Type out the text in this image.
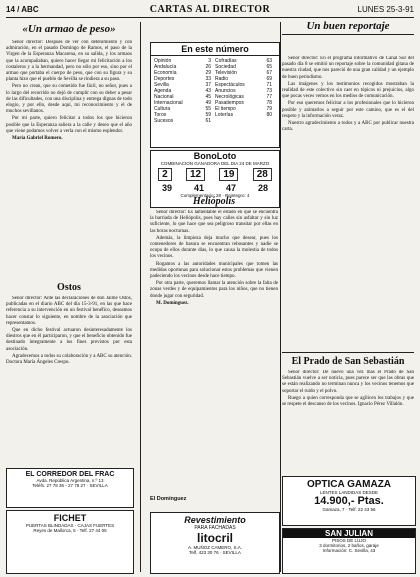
14 / ABC	CARTAS AL DIRECTOR	LUNES 25-3-91
«Un armao de peso»

Señor director: Después de ver con detenimiento y con admiración, en el pasado Domingo de Ramos, el paso de la Virgen de la Esperanza Macarena, en su salida, y los armaos que la acompañaban, quiero hacer llegar mi felicitación a los costaleros y a la hermandad, pero no sólo por eso, sino por el armao que portaba el cuerpo de peso, que con su figura y su planta hizo que el pueblo de Sevilla se rindiera a su paso.

Pero no crean, que su cometido fue fácil, no señor, pues a lo largo del recorrido no dejó de cumplir con su deber a pesar de las dificultades, con una disciplina y entrega dignas de todo elogio, y por ello, desde aquí, mi reconocimiento y el de muchos sevillanos.

Por mi parte, quiero felicitar a todos los que hicieron posible que la Esperanza saliera a la calle y deseo que el año que viene podamos volver a verla con el mismo esplendor.

María Gabriel Romero.

Ostos

Señor director: Ante las declaraciones de don Jaime Ostos, publicadas en el diario ABC del día 15-3-91, en las que hace referencia a su intervención en un festival benéfico, deseamos hacer constar lo siguiente, en nombre de la asociación que representamos.

Que en dicho festival actuaron desinteresadamente los diestros que en él participaron, y que el beneficio obtenido fue destinado íntegramente a los fines previstos por esta asociación.

Agradecemos a todos su colaboración y a ABC su atención. Doctora María Ángeles Crespo.

EL CORREDOR DEL FRAC
Avda. República Argentina, n.º 13
Teléfs. 27 78 36 - 27 78 27 · SEVILLA
FICHET
PUERTAS BLINDADAS · CAJAS FUERTES
Reyes de Mallorca, 5 · Telf. 27 44 05
En este número
Opinión	3
Andalucía	26
Economía	29
Deportes	33
Sevilla	37
Agenda	43
Nacional	45
Internacional	49
Cultura	55
Toros	59
Sucesos	61
Cofradías	63
Sociedad	65
Televisión	67
Radio	69
Espectáculos	71
Anuncios	73
Necrológicas	77
Pasatiempos	78
El tiempo	79
Loterías	80
BonoLoto
COMBINACION GANADORA DEL DIA 24 DE MARZO
2	12	19	28
39 41 47 28
Complementario: 28 · Reintegro: 4
Heliópolis

Señor director: Es lamentable el estado en que se encuentra la barriada de Heliópolis, pues hay calles sin asfaltar y sin luz suficiente, lo que hace que sea peligroso transitar por ellas en las horas nocturnas.

Además, la limpieza deja mucho que desear, pues los contenedores de basura se encuentran rebosantes y nadie se ocupa de ellos durante días, lo que causa la molestia de todos los vecinos.

Rogamos a las autoridades municipales que tomen las medidas oportunas para solucionar estos problemas que vienen padeciendo los vecinos desde hace tiempo.

Por otra parte, queremos llamar la atención sobre la falta de zonas verdes y de equipamientos para los niños, que no tienen donde jugar con seguridad.

M. Domínguez.

El Domínguez
Revestimiento
PARA FACHADAS
litocril
A. MUÑOZ CAMERO, S.A.
Telf. 423 30 76 · SEVILLA
Un buen reportaje

Señor director: En el programa informativo de Canal Sur del pasado día 8 se emitió un reportaje sobre la comunidad gitana de nuestra ciudad, que nos pareció de una gran calidad y un ejemplo de buen periodismo.

Las imágenes y los testimonios recogidos mostraban la realidad de este colectivo sin caer en tópicos ni prejuicios, algo que pocas veces vemos en los medios de comunicación.

Por eso queremos felicitar a los profesionales que lo hicieron posible y animarlos a seguir por este camino, que es el del respeto y la información veraz.

Nuestro agradecimiento a todos y a ABC por publicar nuestra carta.

El Prado de San Sebastián

Señor director: De nuevo una vez más el Prado de San Sebastián vuelve a ser noticia, pues parece ser que las obras que se están realizando no terminan nunca y los vecinos tenemos que soportar el ruido y el polvo.

Ruego a quien corresponda que se agilicen los trabajos y que se respete el descanso de los vecinos. Ignacio Pérez Villalón.

OPTICA GAMAZA
LENTES LANDIDAS DESDE
14.900,- Ptas.
Gamaza, 7 · Telf. 22 43 56
SAN JULIAN
PISOS DE LUJO
3 dormitorios, 2 baños, garaje
Información: C. Sevilla, 43
